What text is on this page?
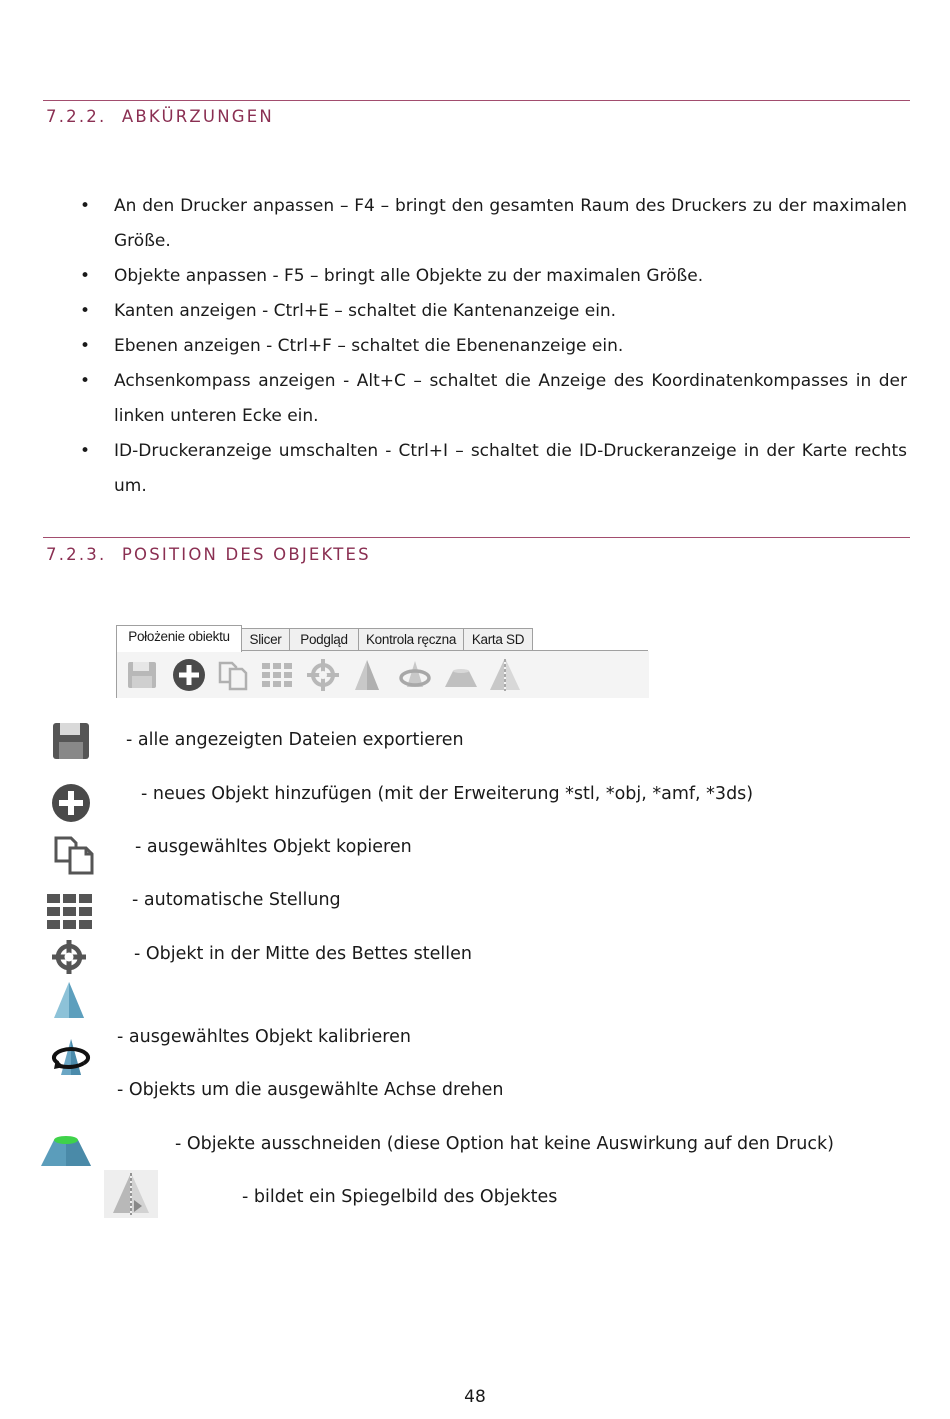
7.2.2. ABKÜRZUNGEN
• An den Drucker anpassen – F4 – bringt den gesamten Raum des Druckers zu der maximalen Größe.
• Objekte anpassen - F5 – bringt alle Objekte zu der maximalen Größe.
• Kanten anzeigen - Ctrl+E – schaltet die Kantenanzeige ein.
• Ebenen anzeigen - Ctrl+F – schaltet die Ebenenanzeige ein.
• Achsenkompass anzeigen - Alt+C – schaltet die Anzeige des Koordinatenkompasses in der linken unteren Ecke ein.
• ID-Druckeranzeige umschalten - Ctrl+I – schaltet die ID-Druckeranzeige in der Karte rechts um.
7.2.3. POSITION DES OBJEKTES
Położenie obiektu	Slicer	Podgląd	Kontrola ręczna	Karta SD
- alle angezeigten Dateien exportieren
- neues Objekt hinzufügen (mit der Erweiterung *stl, *obj, *amf, *3ds)
- ausgewähltes Objekt kopieren
- automatische Stellung
- Objekt in der Mitte des Bettes stellen
- ausgewähltes Objekt kalibrieren
- Objekts um die ausgewählte Achse drehen
- Objekte ausschneiden (diese Option hat keine Auswirkung auf den Druck)
- bildet ein Spiegelbild des Objektes
48
